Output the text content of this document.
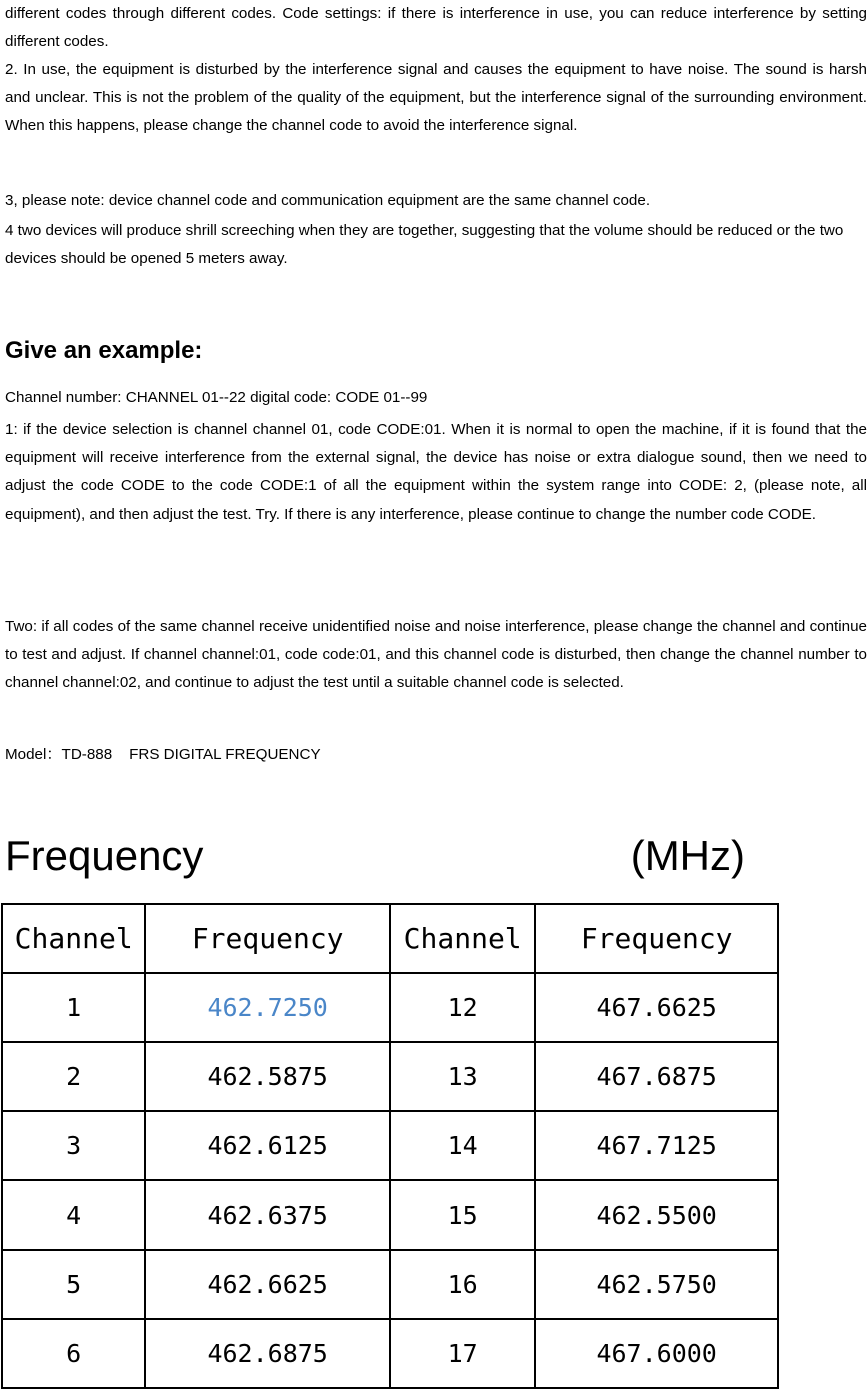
different codes through different codes. Code settings: if there is interference in use, you can reduce interference by setting different codes.

2. In use, the equipment is disturbed by the interference signal and causes the equipment to have noise. The sound is harsh and unclear. This is not the problem of the quality of the equipment, but the interference signal of the surrounding environment. When this happens, please change the channel code to avoid the interference signal.

3, please note: device channel code and communication equipment are the same channel code.

4 two devices will produce shrill screeching when they are together, suggesting that the volume should be reduced or the two devices should be opened 5 meters away.

Give an example:

Channel number: CHANNEL 01--22 digital code: CODE 01--99

1: if the device selection is channel channel 01, code CODE:01. When it is normal to open the machine, if it is found that the equipment will receive interference from the external signal, the device has noise or extra dialogue sound, then we need to adjust the code CODE to the code CODE:1 of all the equipment within the system range into CODE: 2, (please note, all equipment), and then adjust the test. Try. If there is any interference, please continue to change the number code CODE.

Two: if all codes of the same channel receive unidentified noise and noise interference, please change the channel and continue to test and adjust. If channel channel:01, code code:01, and this channel code is disturbed, then change the channel number to channel channel:02, and continue to adjust the test until a suitable channel code is selected.

Model：TD-888    FRS DIGITAL FREQUENCY

Frequency	(MHz)
Channel	Frequency	Channel	Frequency
1	462.7250	12	467.6625
2	462.5875	13	467.6875
3	462.6125	14	467.7125
4	462.6375	15	462.5500
5	462.6625	16	462.5750
6	462.6875	17	467.6000
